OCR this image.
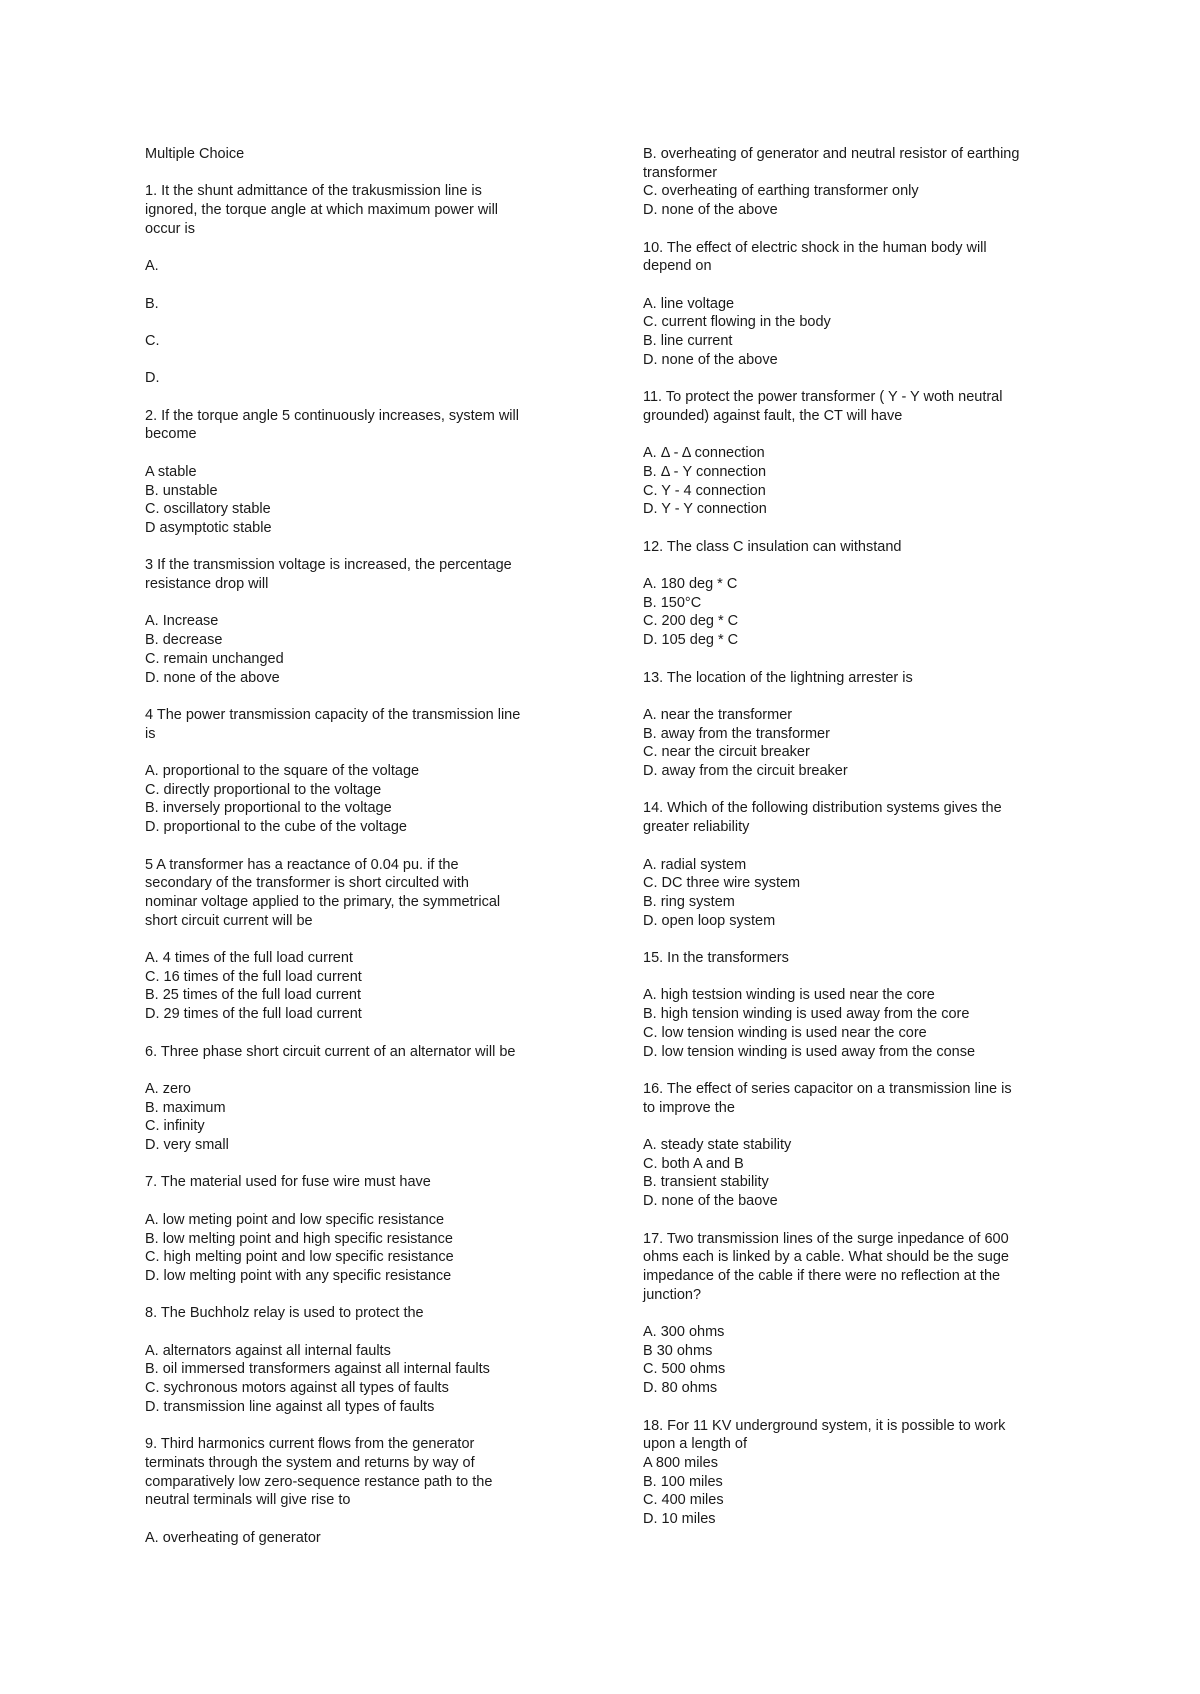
Multiple Choice
1. It the shunt admittance of the trakusmission line is
ignored, the torque angle at which maximum power will
occur is
A.
B.
C.
D.
2. If the torque angle 5 continuously increases, system will
become
A stable
B. unstable
C. oscillatory stable
D asymptotic stable
3 If the transmission voltage is increased, the percentage
resistance drop will
A. Increase
B. decrease
C. remain unchanged
D. none of the above
4 The power transmission capacity of the transmission line
is
A. proportional to the square of the voltage
C. directly proportional to the voltage
B. inversely proportional to the voltage
D. proportional to the cube of the voltage
5 A transformer has a reactance of 0.04 pu. if the
secondary of the transformer is short circulted with
nominar voltage applied to the primary, the symmetrical
short circuit current will be
A. 4 times of the full load current
C. 16 times of the full load current
B. 25 times of the full load current
D. 29 times of the full load current
6. Three phase short circuit current of an alternator will be
A. zero
B. maximum
C. infinity
D. very small
7. The material used for fuse wire must have
A. low meting point and low specific resistance
B. low melting point and high specific resistance
C. high melting point and low specific resistance
D. low melting point with any specific resistance
8. The Buchholz relay is used to protect the
A. alternators against all internal faults
B. oil immersed transformers against all internal faults
C. sychronous motors against all types of faults
D. transmission line against all types of faults
9. Third harmonics current flows from the generator
terminats through the system and returns by way of
comparatively low zero-sequence restance path to the
neutral terminals will give rise to
A. overheating of generator
B. overheating of generator and neutral resistor of earthing
transformer
C. overheating of earthing transformer only
D. none of the above
10. The effect of electric shock in the human body will
depend on
A. line voltage
C. current flowing in the body
B. line current
D. none of the above
11. To protect the power transformer ( Y - Y woth neutral
grounded) against fault, the CT will have
A. Δ - Δ connection
B. Δ - Y connection
C. Y - 4 connection
D. Y - Y connection
12. The class C insulation can withstand
A. 180 deg * C
B. 150°C
C. 200 deg * C
D. 105 deg * C
13. The location of the lightning arrester is
A. near the transformer
B. away from the transformer
C. near the circuit breaker
D. away from the circuit breaker
14. Which of the following distribution systems gives the
greater reliability
A. radial system
C. DC three wire system
B. ring system
D. open loop system
15. In the transformers
A. high testsion winding is used near the core
B. high tension winding is used away from the core
C. low tension winding is used near the core
D. low tension winding is used away from the conse
16. The effect of series capacitor on a transmission line is
to improve the
A. steady state stability
C. both A and B
B. transient stability
D. none of the baove
17. Two transmission lines of the surge inpedance of 600
ohms each is linked by a cable. What should be the suge
impedance of the cable if there were no reflection at the
junction?
A. 300 ohms
B 30 ohms
C. 500 ohms
D. 80 ohms
18. For 11 KV underground system, it is possible to work
upon a length of
A 800 miles
B. 100 miles
C. 400 miles
D. 10 miles
